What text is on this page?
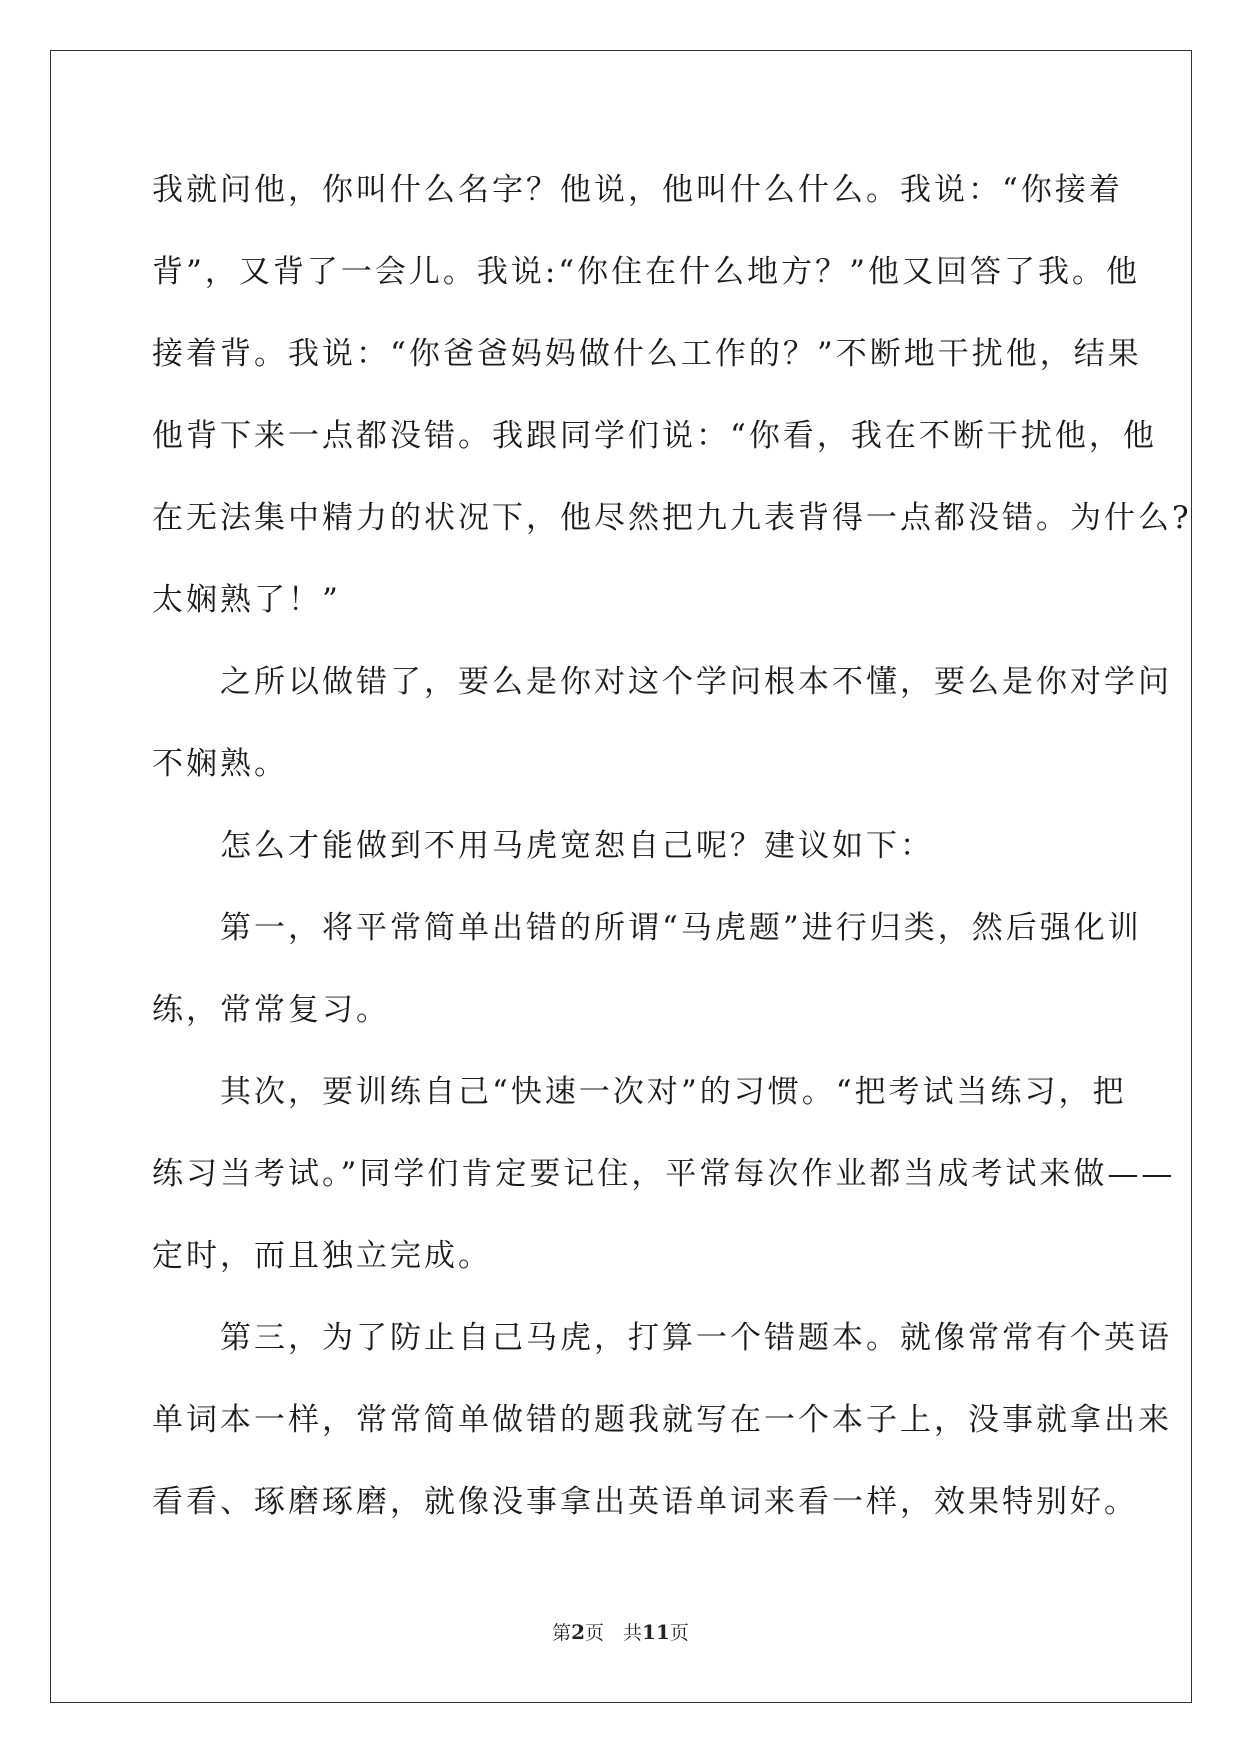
我就问他，你叫什么名字？他说，他叫什么什么。我说：“你接着
背”，又背了一会儿。我说:“你住在什么地方？”他又回答了我。他
接着背。我说：“你爸爸妈妈做什么工作的？”不断地干扰他，结果
他背下来一点都没错。我跟同学们说：“你看，我在不断干扰他，他
在无法集中精力的状况下，他尽然把九九表背得一点都没错。为什么?
太娴熟了！”
　　之所以做错了，要么是你对这个学问根本不懂，要么是你对学问
不娴熟。
　　怎么才能做到不用马虎宽恕自己呢？建议如下：
　　第一，将平常简单出错的所谓“马虎题”进行归类，然后强化训
练，常常复习。
　　其次，要训练自己“快速一次对”的习惯。“把考试当练习，把
练习当考试。”同学们肯定要记住，平常每次作业都当成考试来做——
定时，而且独立完成。
　　第三，为了防止自己马虎，打算一个错题本。就像常常有个英语
单词本一样，常常简单做错的题我就写在一个本子上，没事就拿出来
看看、琢磨琢磨，就像没事拿出英语单词来看一样，效果特别好。
第2页　共11页
